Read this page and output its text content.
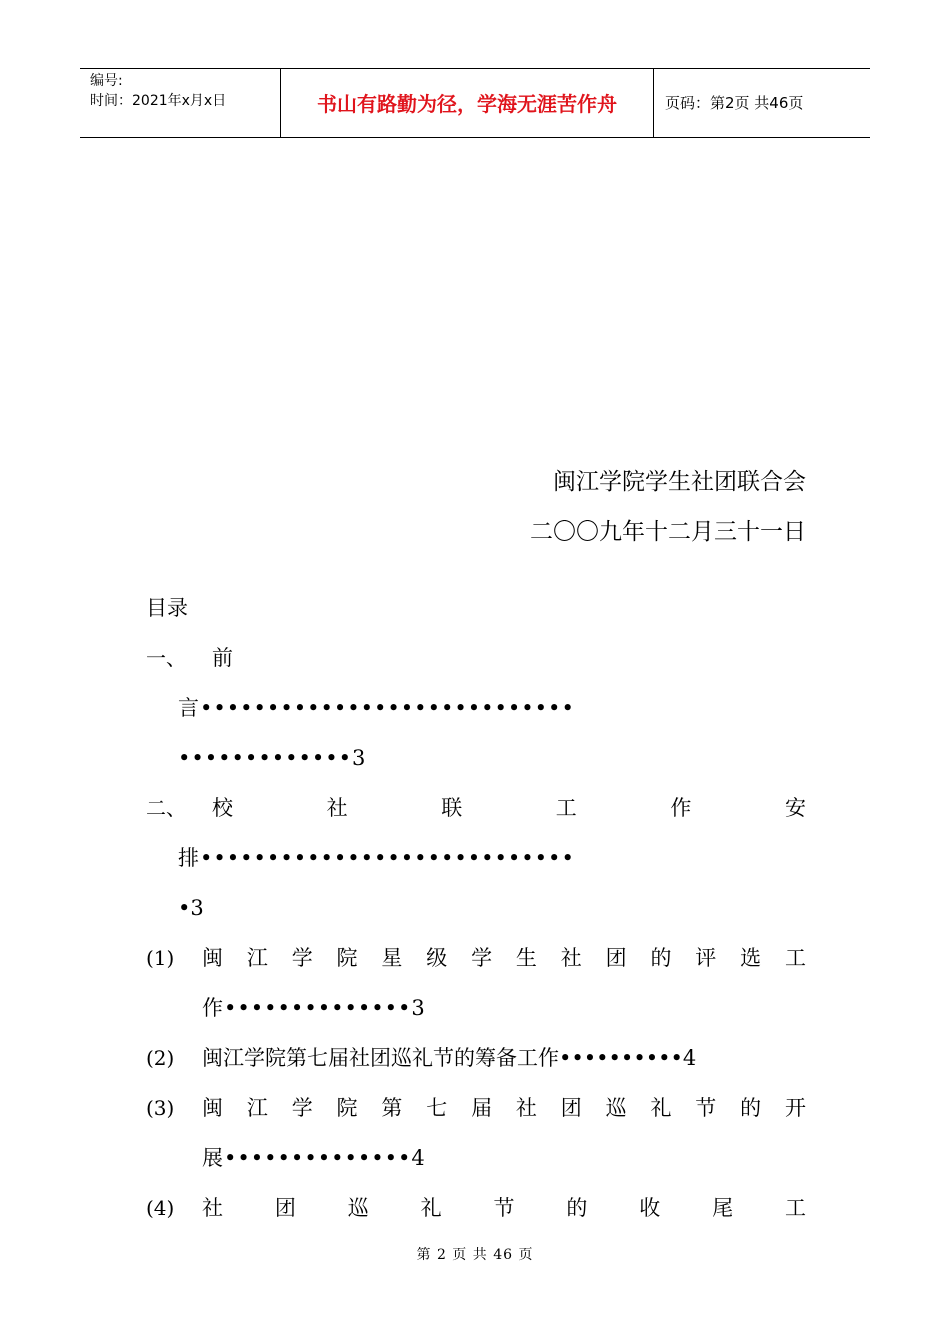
编号:
时间：2021年x月x日	书山有路勤为径，学海无涯苦作舟	页码：第2页 共46页
闽江学院学生社团联合会
二〇〇九年十二月三十一日
目录
一、 前
言••••••••••••••••••••••••••••
•••••••••••••3
二、 校	社	联	工	作	安
排••••••••••••••••••••••••••••
•3
(1) 闽 江 学 院 星 级 学 生 社 团 的 评 选 工
作••••••••••••••3
(2) 闽江学院第七届社团巡礼节的筹备工作••••••••••4
(3) 闽 江 学 院 第 七 届 社 团 巡 礼 节 的 开
展••••••••••••••4
(4) 社 团 巡 礼 节 的 收 尾 工
第 2 页 共 46 页
